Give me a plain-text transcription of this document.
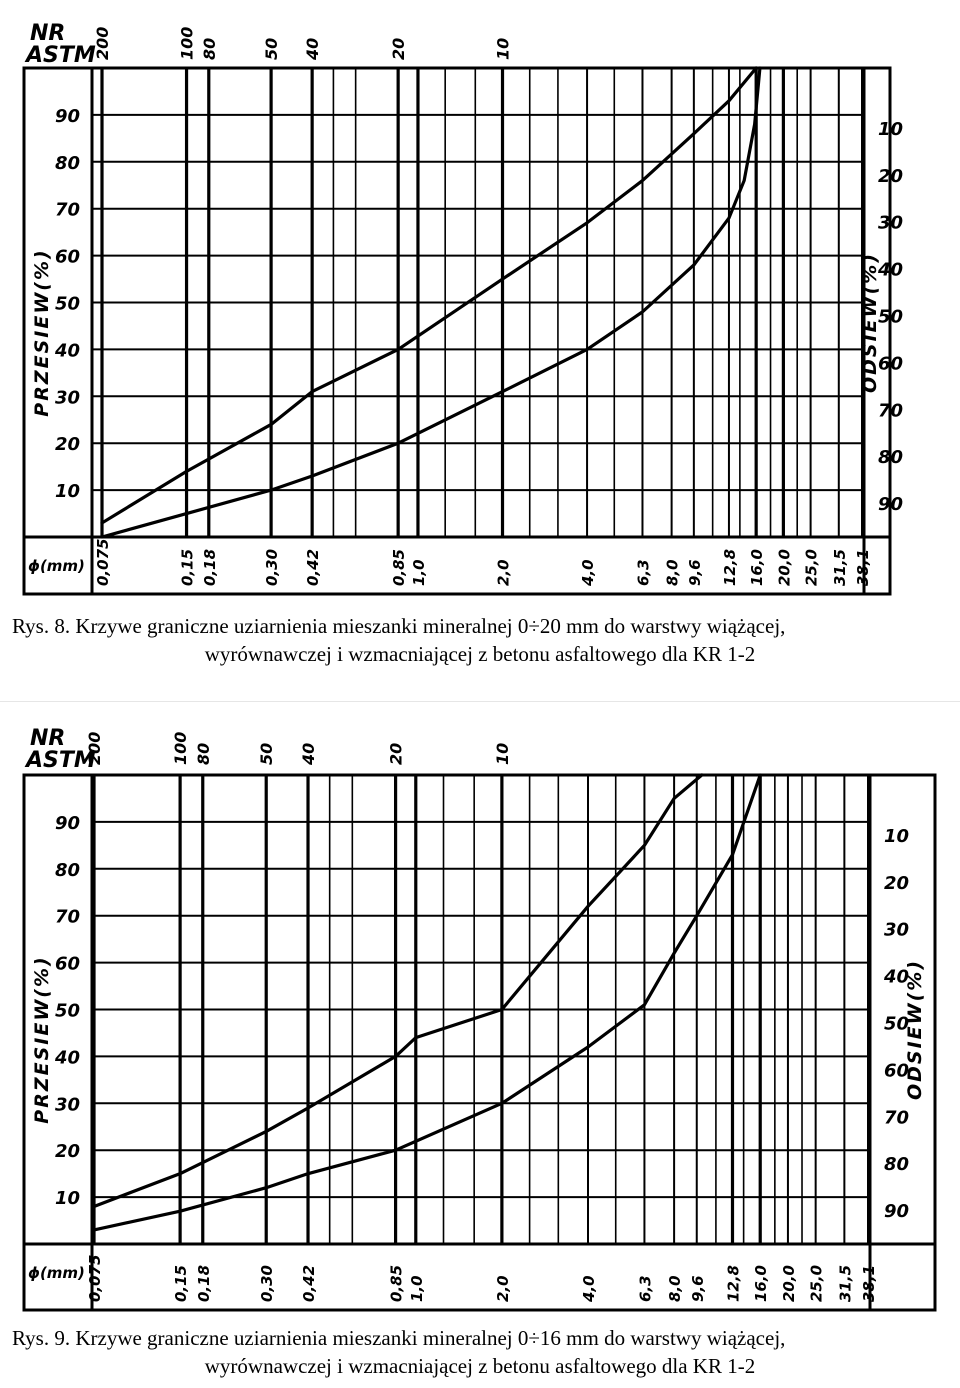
NR
ASTM
200	100 80	50 40	20	10
90
10
80
20
70
30
60
40
50
50
40
60
30
70
20
80
10
90
PRZESIEW(%)	ODSIEW(%)
ϕ(mm) 0,075	0,15 0,18	0,30 0,42	0,85 1,0	2,0	4,0 6,3 8,0 9,6 12,8 16,0 20,0 25,0 31,5 38,1
Rys. 8. Krzywe graniczne uziarnienia mieszanki mineralnej 0÷20 mm do warstwy wiążącej,
wyrównawczej i wzmacniającej z betonu asfaltowego dla KR 1-2
NR
ASTM
200	100 80	50 40	20	10
90
10
80
20
70
30
60
40
50
50
40
60
30
70
20
80
10
90
PRZESIEW(%)	ODSIEW(%)
ϕ(mm) 0,075	0,15 0,18	0,30 0,42	0,85 1,0	2,0	4,0	6,3 8,0 9,6 12,8 16,0 20,0 25,0 31,5 38,1
Rys. 9. Krzywe graniczne uziarnienia mieszanki mineralnej 0÷16 mm do warstwy wiążącej,
wyrównawczej i wzmacniającej z betonu asfaltowego dla KR 1-2
